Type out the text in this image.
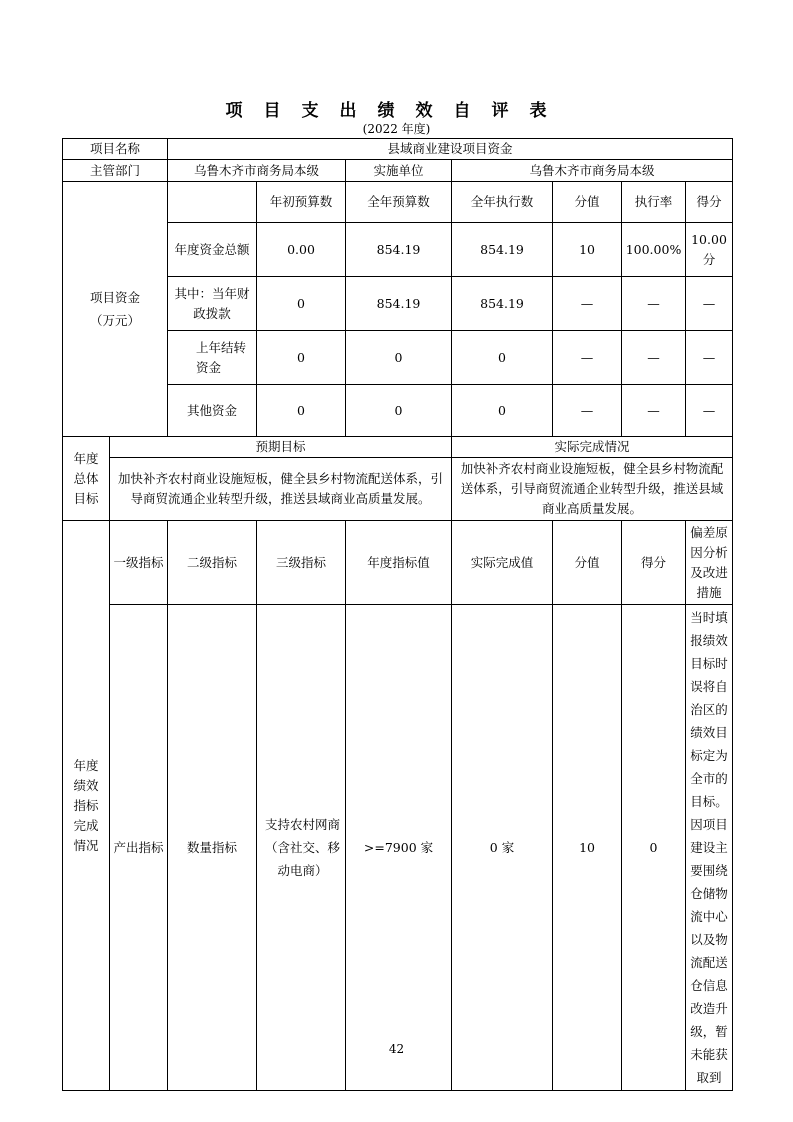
项目支出绩效自评表
(2022 年度)
项目名称		县域商业建设项目资金						
主管部门		乌鲁木齐市商务局本级		实施单位	乌鲁木齐市商务局本级			

项目资金
（万元）			年初预算数	全年预算数	全年执行数	分值	执行率	得分
		年度资金总额	0.00	854.19	854.19	10	100.00%	10.00 分
		其中：当年财政拨款	0	854.19	854.19	—	—	—
		上年结转资金	0	0	0	—	—	—
		其他资金	0	0	0	—	—	—

年度
总体
目标	预期目标				实际完成情况			
	加快补齐农村商业设施短板，健全县乡村物流配送体系，引导商贸流通企业转型升级，推送县域商业高质量发展。				加快补齐农村商业设施短板，健全县乡村物流配送体系，引导商贸流通企业转型升级，推送县域商业高质量发展。			

年度
绩效
指标
完成
情况	一级指标	二级指标	三级指标	年度指标值	实际完成值	分值	得分	偏差原因分析及改进措施
	产出指标	数量指标	支持农村网商（含社交、移动电商）	>=7900 家	0 家	10	0	当时填报绩效目标时误将自治区的绩效目标定为全市的目标。因项目建设主要围绕仓储物流中心以及物流配送仓信息改造升级，暂未能获取到
42
